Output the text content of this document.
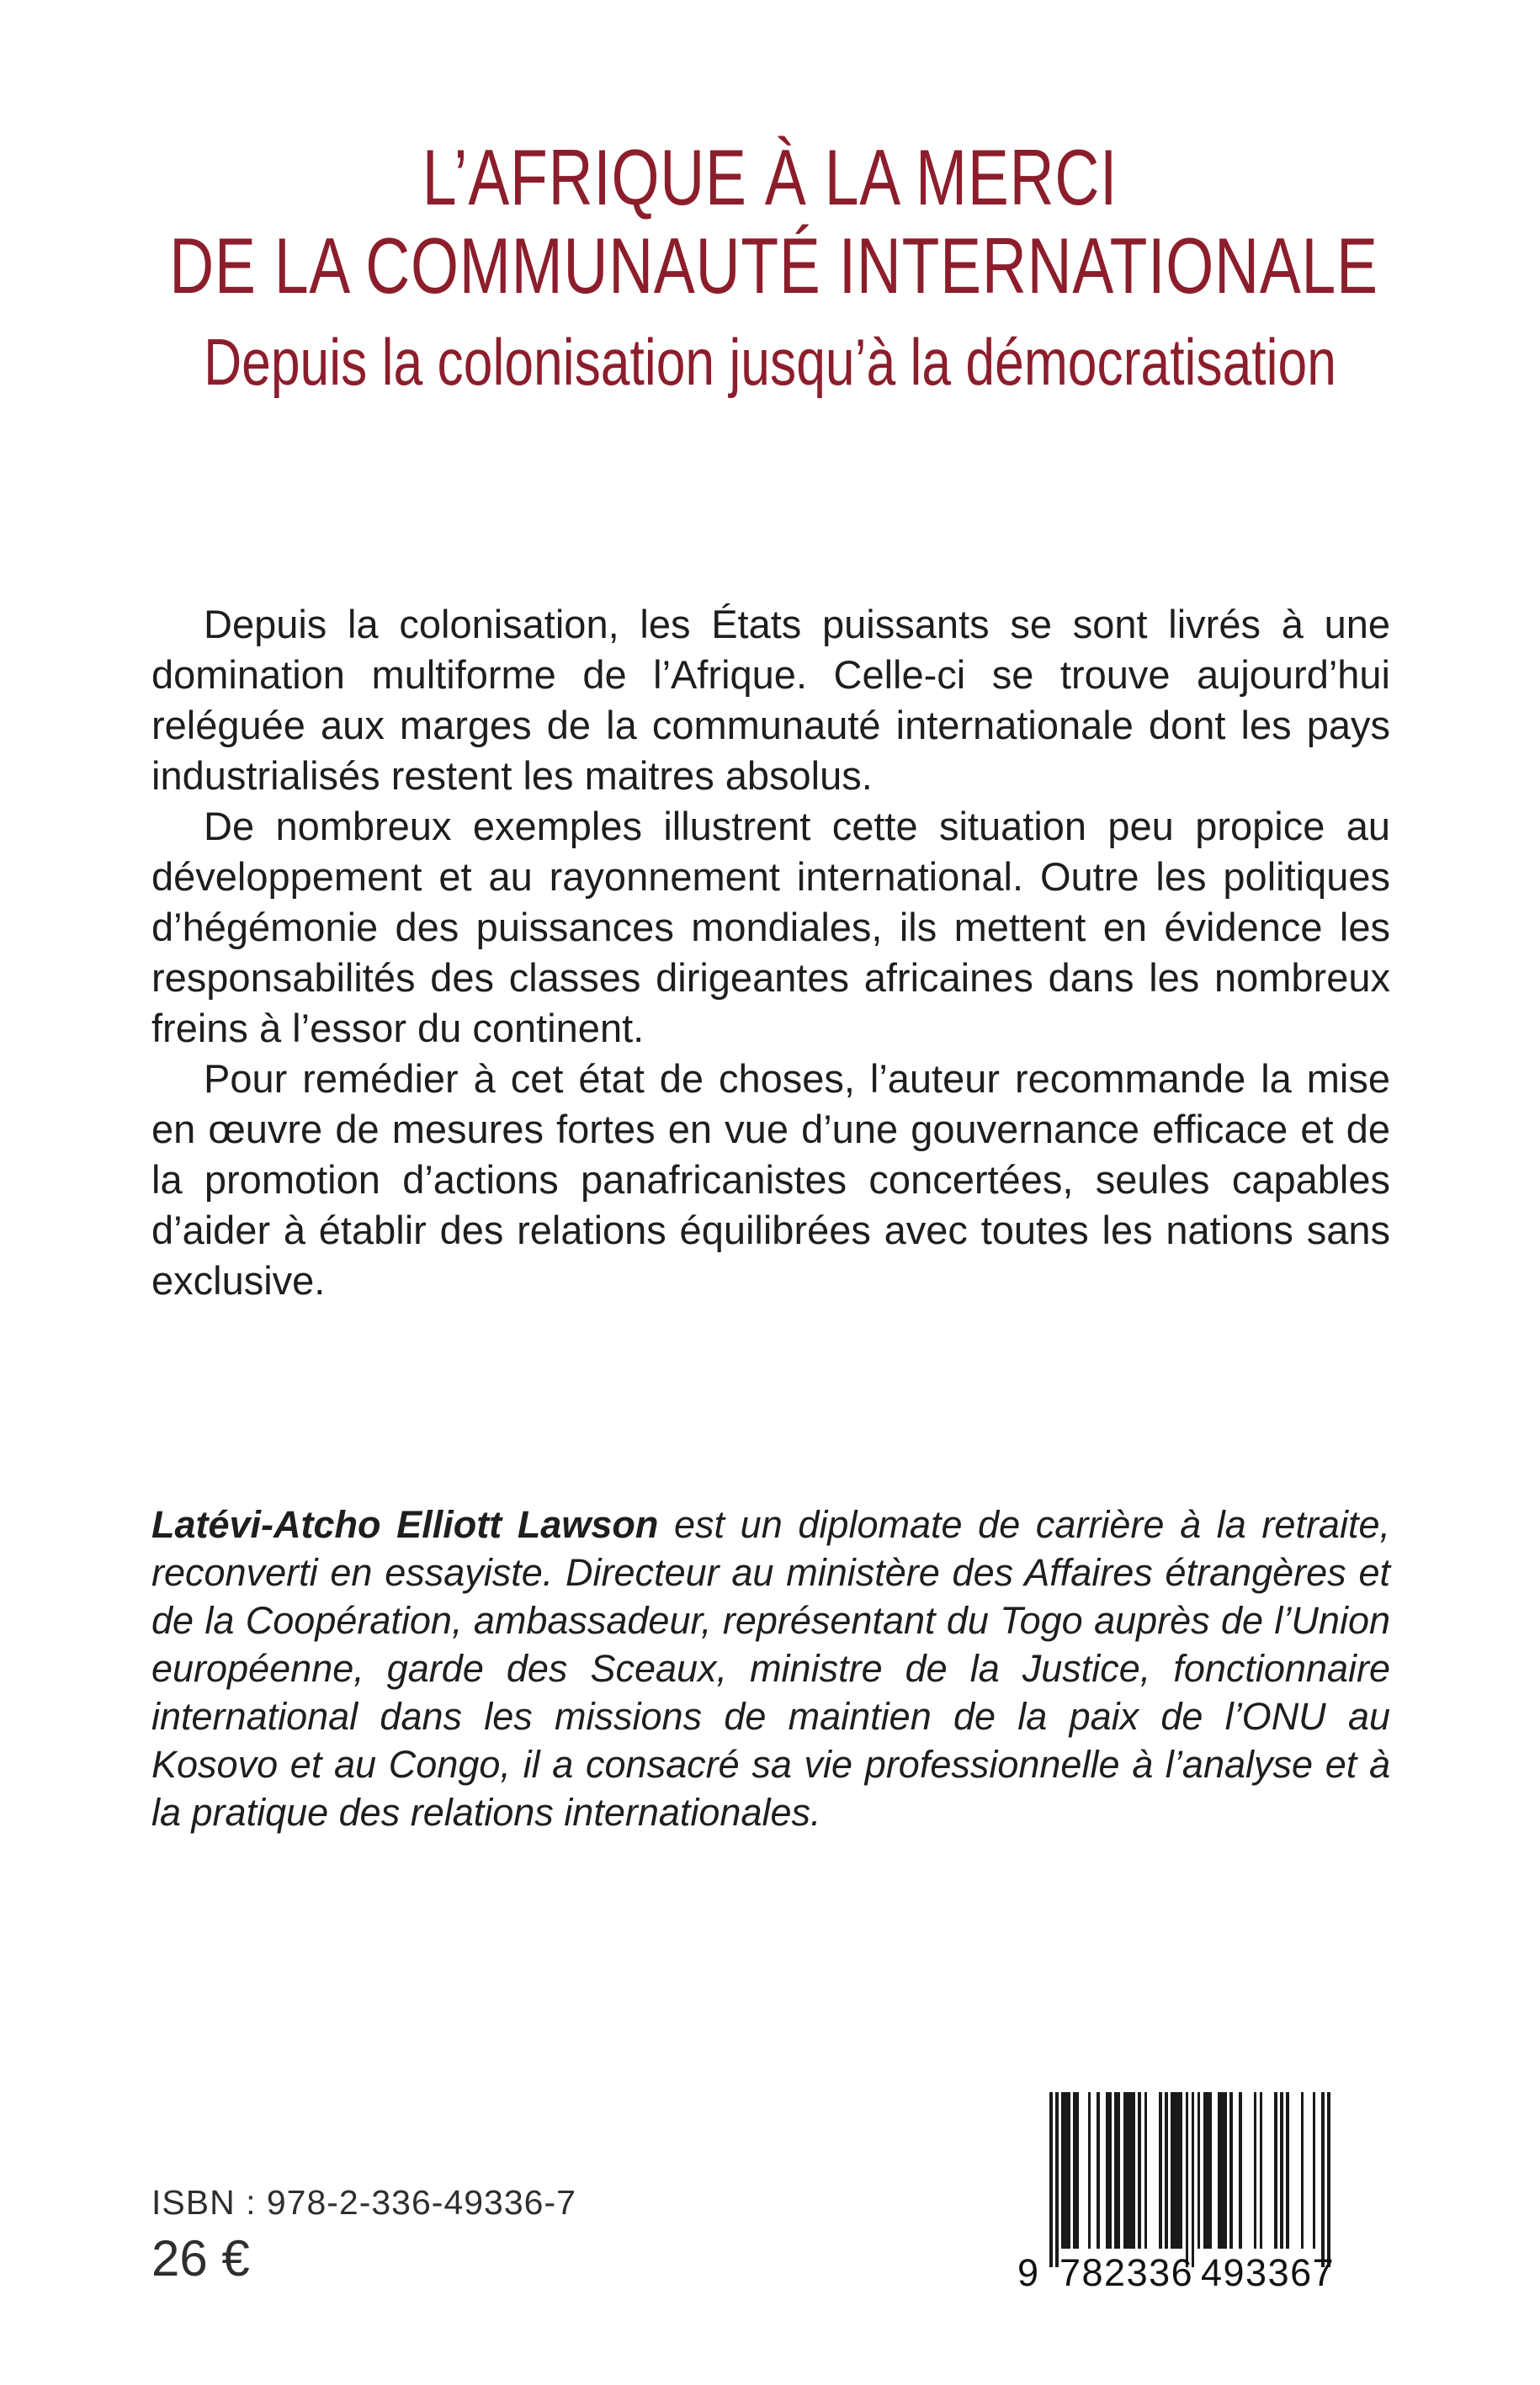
L’AFRIQUE À LA MERCI
DE LA COMMUNAUTÉ INTERNATIONALE
Depuis la colonisation jusqu’à la démocratisation

Depuis la colonisation, les États puissants se sont livrés à une domination multiforme de l’Afrique. Celle-ci se trouve aujourd’hui reléguée aux marges de la communauté internationale dont les pays industrialisés restent les maitres absolus.

De nombreux exemples illustrent cette situation peu propice au développement et au rayonnement international. Outre les politiques d’hégémonie des puissances mondiales, ils mettent en évidence les responsabilités des classes dirigeantes africaines dans les nombreux freins à l’essor du continent.

Pour remédier à cet état de choses, l’auteur recommande la mise en œuvre de mesures fortes en vue d’une gouvernance efficace et de la promotion d’actions panafricanistes concertées, seules capables d’aider à établir des relations équilibrées avec toutes les nations sans exclusive.

Latévi-Atcho Elliott Lawson est un diplomate de carrière à la retraite, reconverti en essayiste. Directeur au ministère des Affaires étrangères et de la Coopération, ambassadeur, représentant du Togo auprès de l’Union européenne, garde des Sceaux, ministre de la Justice, fonctionnaire international dans les missions de maintien de la paix de l’ONU au Kosovo et au Congo, il a consacré sa vie professionnelle à l’analyse et à la pratique des relations internationales.

ISBN : 978-2-336-49336-7
26 €	9 782336 493367
